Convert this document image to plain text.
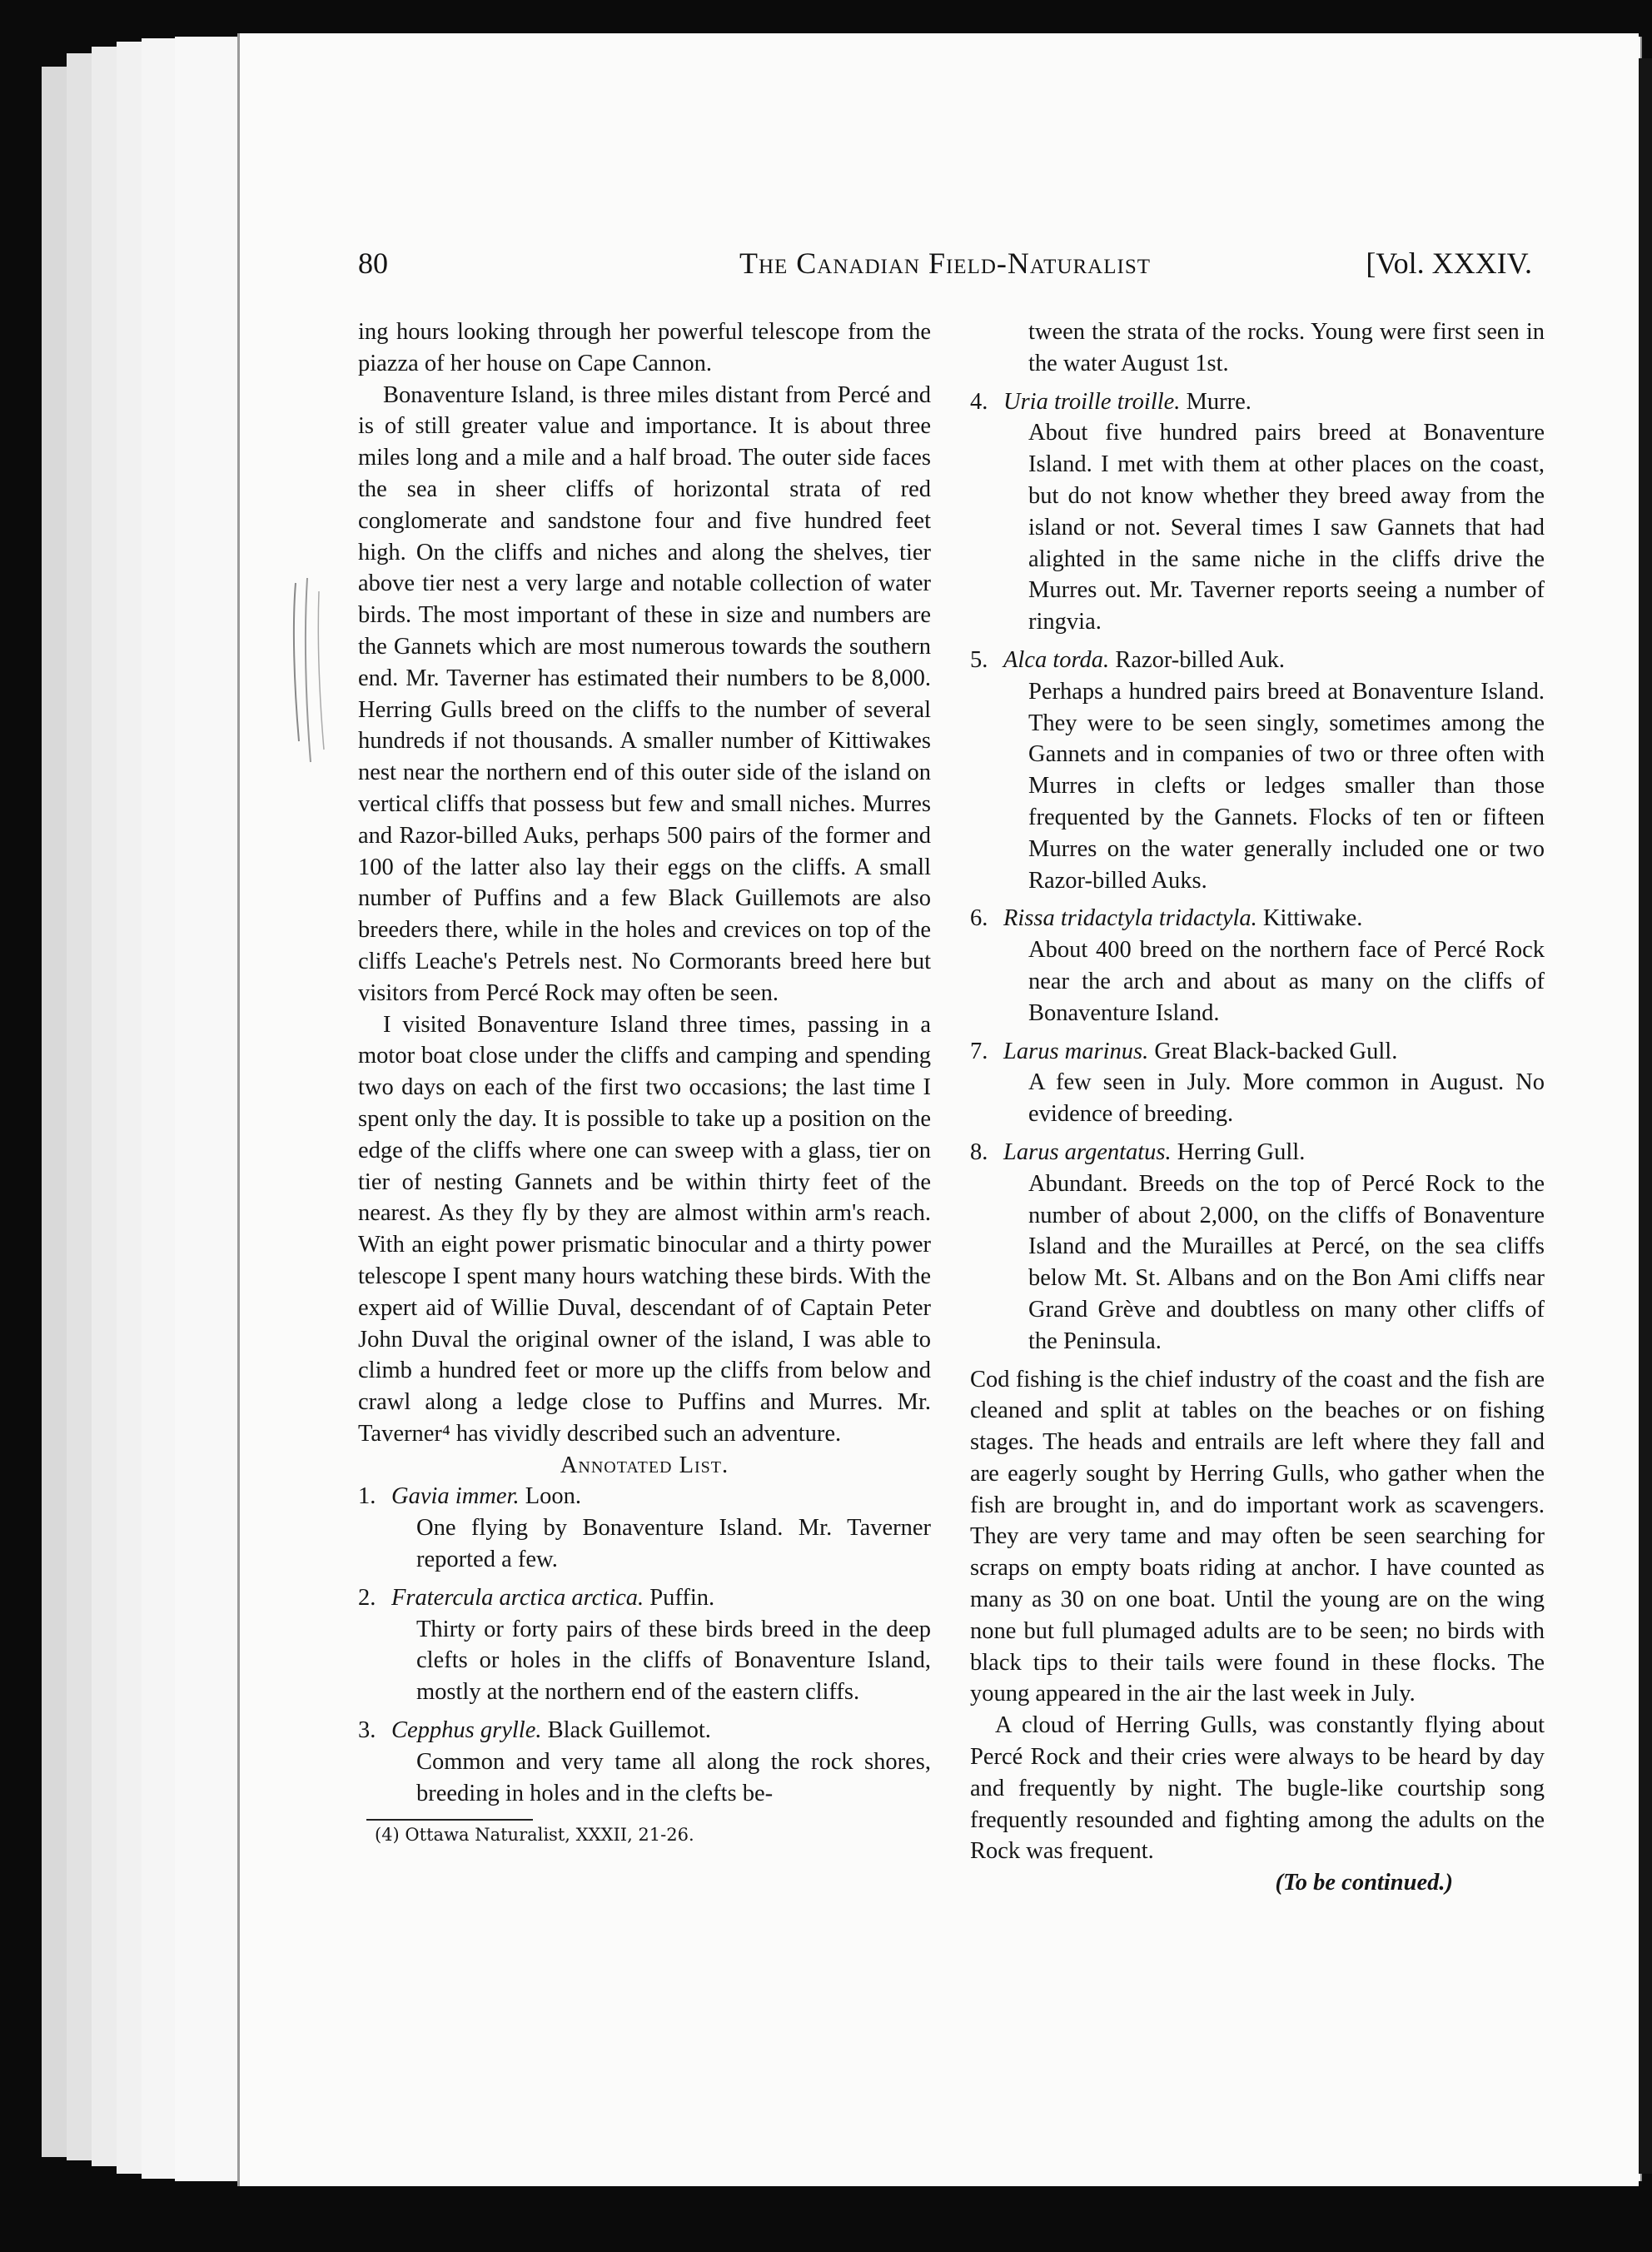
80	The Canadian Field-Naturalist	[Vol. XXXIV.

ing hours looking through her powerful telescope from the piazza of her house on Cape Cannon.

Bonaventure Island, is three miles distant from Percé and is of still greater value and importance. It is about three miles long and a mile and a half broad. The outer side faces the sea in sheer cliffs of horizontal strata of red conglomerate and sandstone four and five hundred feet high. On the cliffs and niches and along the shelves, tier above tier nest a very large and notable collection of water birds. The most important of these in size and numbers are the Gannets which are most numerous towards the southern end. Mr. Taverner has estimated their numbers to be 8,000. Herring Gulls breed on the cliffs to the number of several hundreds if not thousands. A smaller number of Kittiwakes nest near the northern end of this outer side of the island on vertical cliffs that possess but few and small niches. Murres and Razor-billed Auks, perhaps 500 pairs of the former and 100 of the latter also lay their eggs on the cliffs. A small number of Puffins and a few Black Guillemots are also breeders there, while in the holes and crevices on top of the cliffs Leache's Petrels nest. No Cormorants breed here but visitors from Percé Rock may often be seen.

I visited Bonaventure Island three times, passing in a motor boat close under the cliffs and camping and spending two days on each of the first two occasions; the last time I spent only the day. It is possible to take up a position on the edge of the cliffs where one can sweep with a glass, tier on tier of nesting Gannets and be within thirty feet of the nearest. As they fly by they are almost within arm's reach. With an eight power prismatic binocular and a thirty power telescope I spent many hours watching these birds. With the expert aid of Willie Duval, descendant of of Captain Peter John Duval the original owner of the island, I was able to climb a hundred feet or more up the cliffs from below and crawl along a ledge close to Puffins and Murres. Mr. Taverner⁴ has vividly described such an adventure.

Annotated List.

1. Gavia immer. Loon.

One flying by Bonaventure Island. Mr. Taverner reported a few.

2. Fratercula arctica arctica. Puffin.

Thirty or forty pairs of these birds breed in the deep clefts or holes in the cliffs of Bonaventure Island, mostly at the northern end of the eastern cliffs.

3. Cepphus grylle. Black Guillemot.

Common and very tame all along the rock shores, breeding in holes and in the clefts be-

(4) Ottawa Naturalist, XXXII, 21-26.

tween the strata of the rocks. Young were first seen in the water August 1st.

4. Uria troille troille. Murre.

About five hundred pairs breed at Bonaventure Island. I met with them at other places on the coast, but do not know whether they breed away from the island or not. Several times I saw Gannets that had alighted in the same niche in the cliffs drive the Murres out. Mr. Taverner reports seeing a number of ringvia.

5. Alca torda. Razor-billed Auk.

Perhaps a hundred pairs breed at Bonaventure Island. They were to be seen singly, sometimes among the Gannets and in companies of two or three often with Murres in clefts or ledges smaller than those frequented by the Gannets. Flocks of ten or fifteen Murres on the water generally included one or two Razor-billed Auks.

6. Rissa tridactyla tridactyla. Kittiwake.

About 400 breed on the northern face of Percé Rock near the arch and about as many on the cliffs of Bonaventure Island.

7. Larus marinus. Great Black-backed Gull.

A few seen in July. More common in August. No evidence of breeding.

8. Larus argentatus. Herring Gull.

Abundant. Breeds on the top of Percé Rock to the number of about 2,000, on the cliffs of Bonaventure Island and the Murailles at Percé, on the sea cliffs below Mt. St. Albans and on the Bon Ami cliffs near Grand Grève and doubtless on many other cliffs of the Peninsula.

Cod fishing is the chief industry of the coast and the fish are cleaned and split at tables on the beaches or on fishing stages. The heads and entrails are left where they fall and are eagerly sought by Herring Gulls, who gather when the fish are brought in, and do important work as scavengers. They are very tame and may often be seen searching for scraps on empty boats riding at anchor. I have counted as many as 30 on one boat. Until the young are on the wing none but full plumaged adults are to be seen; no birds with black tips to their tails were found in these flocks. The young appeared in the air the last week in July.

A cloud of Herring Gulls, was constantly flying about Percé Rock and their cries were always to be heard by day and frequently by night. The bugle-like courtship song frequently resounded and fighting among the adults on the Rock was frequent.

(To be continued.)
